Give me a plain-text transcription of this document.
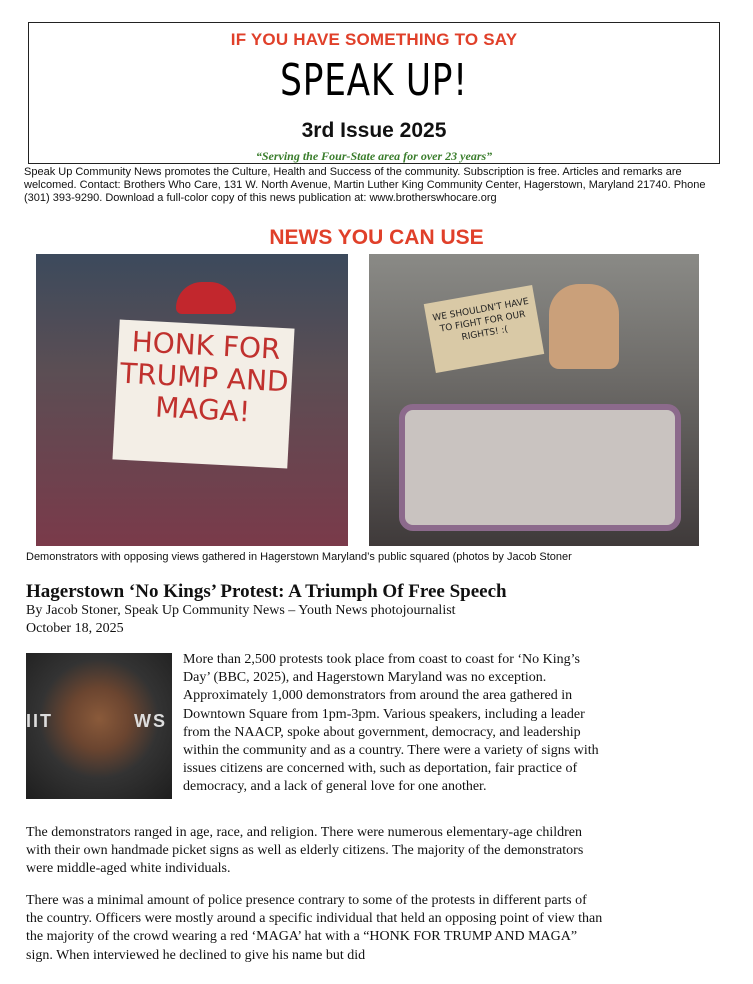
IF YOU HAVE SOMETHING TO SAY
SPEAK UP!
3rd Issue 2025
“Serving the Four-State area for over 23 years”
Speak Up Community News promotes the Culture, Health and Success of the community. Subscription is free. Articles and remarks are welcomed. Contact: Brothers Who Care, 131 W. North Avenue, Martin Luther King Community Center, Hagerstown, Maryland 21740. Phone (301) 393-9290. Download a full-color copy of this news publication at: www.brotherswhocare.org
NEWS YOU CAN USE
HONK FOR TRUMP AND MAGA!
WE SHOULDN'T HAVE TO FIGHT FOR OUR RIGHTS! :(
Demonstrators with opposing views gathered in Hagerstown Maryland’s public squared (photos by Jacob Stoner
Hagerstown ‘No Kings’ Protest: A Triumph Of Free Speech
By Jacob Stoner, Speak Up Community News – Youth News photojournalist
October 18, 2025
IIT	WS

More than 2,500 protests took place from coast to coast for ‘No King’s Day’ (BBC, 2025), and Hagerstown Maryland was no exception. Approximately 1,000 demonstrators from around the area gathered in Downtown Square from 1pm-3pm. Various speakers, including a leader from the NAACP, spoke about government, democracy, and leadership within the community and as a country. There were a variety of signs with issues citizens are concerned with, such as deportation, fair practice of democracy, and a lack of general love for one another.

The demonstrators ranged in age, race, and religion. There were numerous elementary-age children with their own handmade picket signs as well as elderly citizens. The majority of the demonstrators were middle-aged white individuals.

There was a minimal amount of police presence contrary to some of the protests in different parts of the country. Officers were mostly around a specific individual that held an opposing point of view than the majority of the crowd wearing a red ‘MAGA’ hat with a “HONK FOR TRUMP AND MAGA” sign. When interviewed he declined to give his name but did
